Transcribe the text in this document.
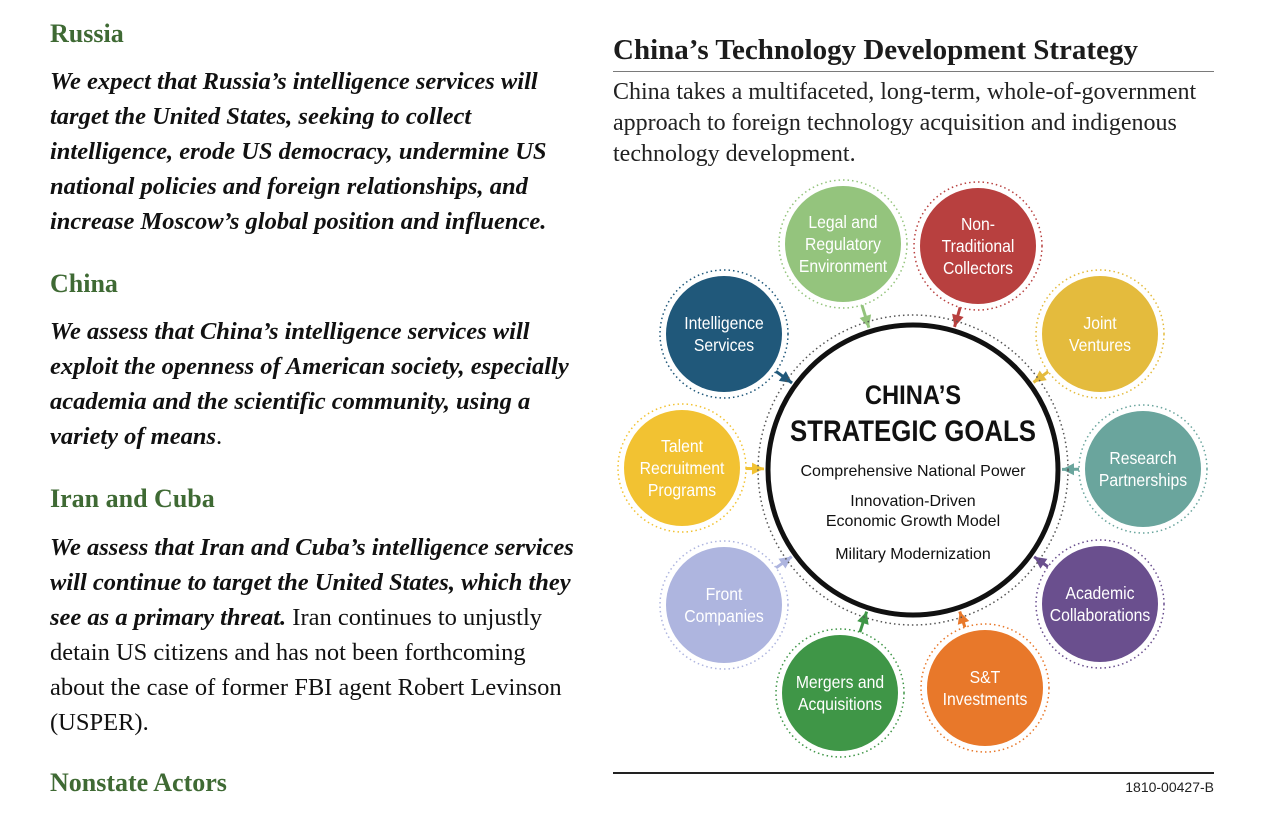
Russia

We expect that Russia’s intelligence services will target the United States, seeking to collect intelligence, erode US democracy, undermine US national policies and foreign relationships, and increase Moscow’s global position and influence.

China

We assess that China’s intelligence services will exploit the openness of American society, especially academia and the scientific community, using a variety of means.

Iran and Cuba

We assess that Iran and Cuba’s intelligence services will continue to target the United States, which they see as a primary threat. Iran continues to unjustly detain US citizens and has not been forthcoming about the case of former FBI agent Robert Levinson (USPER).

Nonstate Actors
China’s Technology Development Strategy

China takes a multifaceted, long-term, whole-of-government approach to foreign technology acquisition and indigenous technology development.

CHINA’S
STRATEGIC GOALS
Comprehensive National Power
Innovation-Driven
Economic Growth Model
Military Modernization
Legal and
Regulatory
Environment
Non-
Traditional
Collectors
Joint
Ventures
Research
Partnerships
Academic
Collaborations
S&T
Investments
Mergers and
Acquisitions
Front
Companies
Talent
Recruitment
Programs
Intelligence
Services
1810-00427-B
